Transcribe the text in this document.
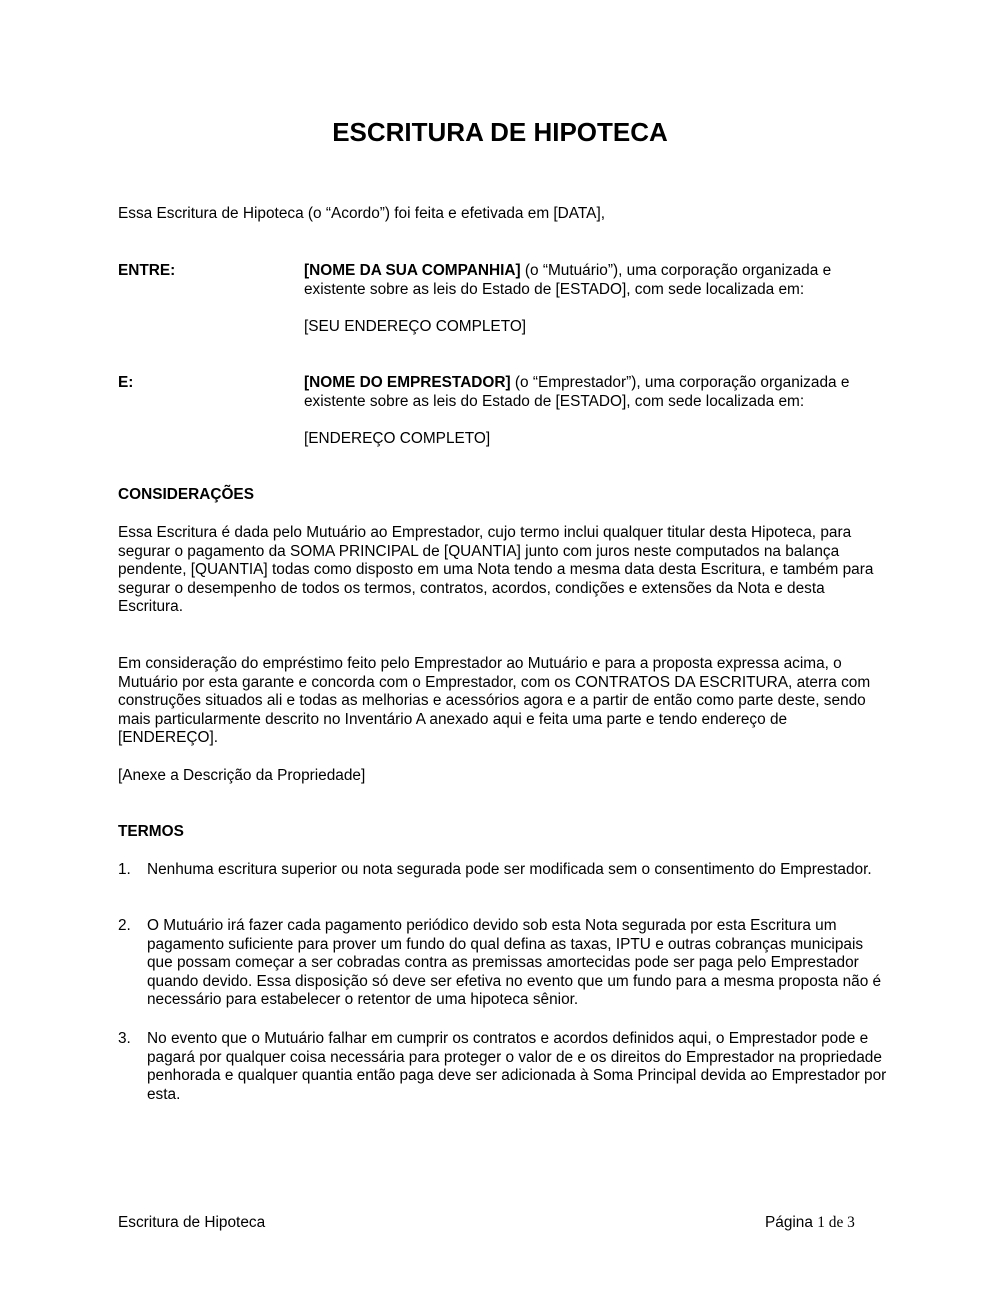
ESCRITURA DE HIPOTECA

Essa Escritura de Hipoteca (o “Acordo”) foi feita e efetivada em [DATA],

ENTRE:	[NOME DA SUA COMPANHIA] (o “Mutuário”), uma corporação organizada e existente sobre as leis do Estado de [ESTADO], com sede localizada em:

[SEU ENDEREÇO COMPLETO]
E:	[NOME DO EMPRESTADOR] (o “Emprestador”), uma corporação organizada e existente sobre as leis do Estado de [ESTADO], com sede localizada em:

[ENDEREÇO COMPLETO]
CONSIDERAÇÕES

Essa Escritura é dada pelo Mutuário ao Emprestador, cujo termo inclui qualquer titular desta Hipoteca, para segurar o pagamento da SOMA PRINCIPAL de [QUANTIA] junto com juros neste computados na balança pendente, [QUANTIA] todas como disposto em uma Nota tendo a mesma data desta Escritura, e também para segurar o desempenho de todos os termos, contratos, acordos, condições e extensões da Nota e desta Escritura.

Em consideração do empréstimo feito pelo Emprestador ao Mutuário e para a proposta expressa acima, o Mutuário por esta garante e concorda com o Emprestador, com os CONTRATOS DA ESCRITURA, aterra com construções situados ali e todas as melhorias e acessórios agora e a partir de então como parte deste, sendo mais particularmente descrito no Inventário A anexado aqui e feita uma parte e tendo endereço de [ENDEREÇO].

[Anexe a Descrição da Propriedade]
TERMOS
1. Nenhuma escritura superior ou nota segurada pode ser modificada sem o consentimento do Emprestador.

2. O Mutuário irá fazer cada pagamento periódico devido sob esta Nota segurada por esta Escritura um pagamento suficiente para prover um fundo do qual defina as taxas, IPTU e outras cobranças municipais que possam começar a ser cobradas contra as premissas amortecidas pode ser paga pelo Emprestador quando devido. Essa disposição só deve ser efetiva no evento que um fundo para a mesma proposta não é necessário para estabelecer o retentor de uma hipoteca sênior.

3. No evento que o Mutuário falhar em cumprir os contratos e acordos definidos aqui, o Emprestador pode e pagará por qualquer coisa necessária para proteger o valor de e os direitos do Emprestador na propriedade penhorada e qualquer quantia então paga deve ser adicionada à Soma Principal devida ao Emprestador por esta.

Escritura de Hipoteca	Página 1 de 3
